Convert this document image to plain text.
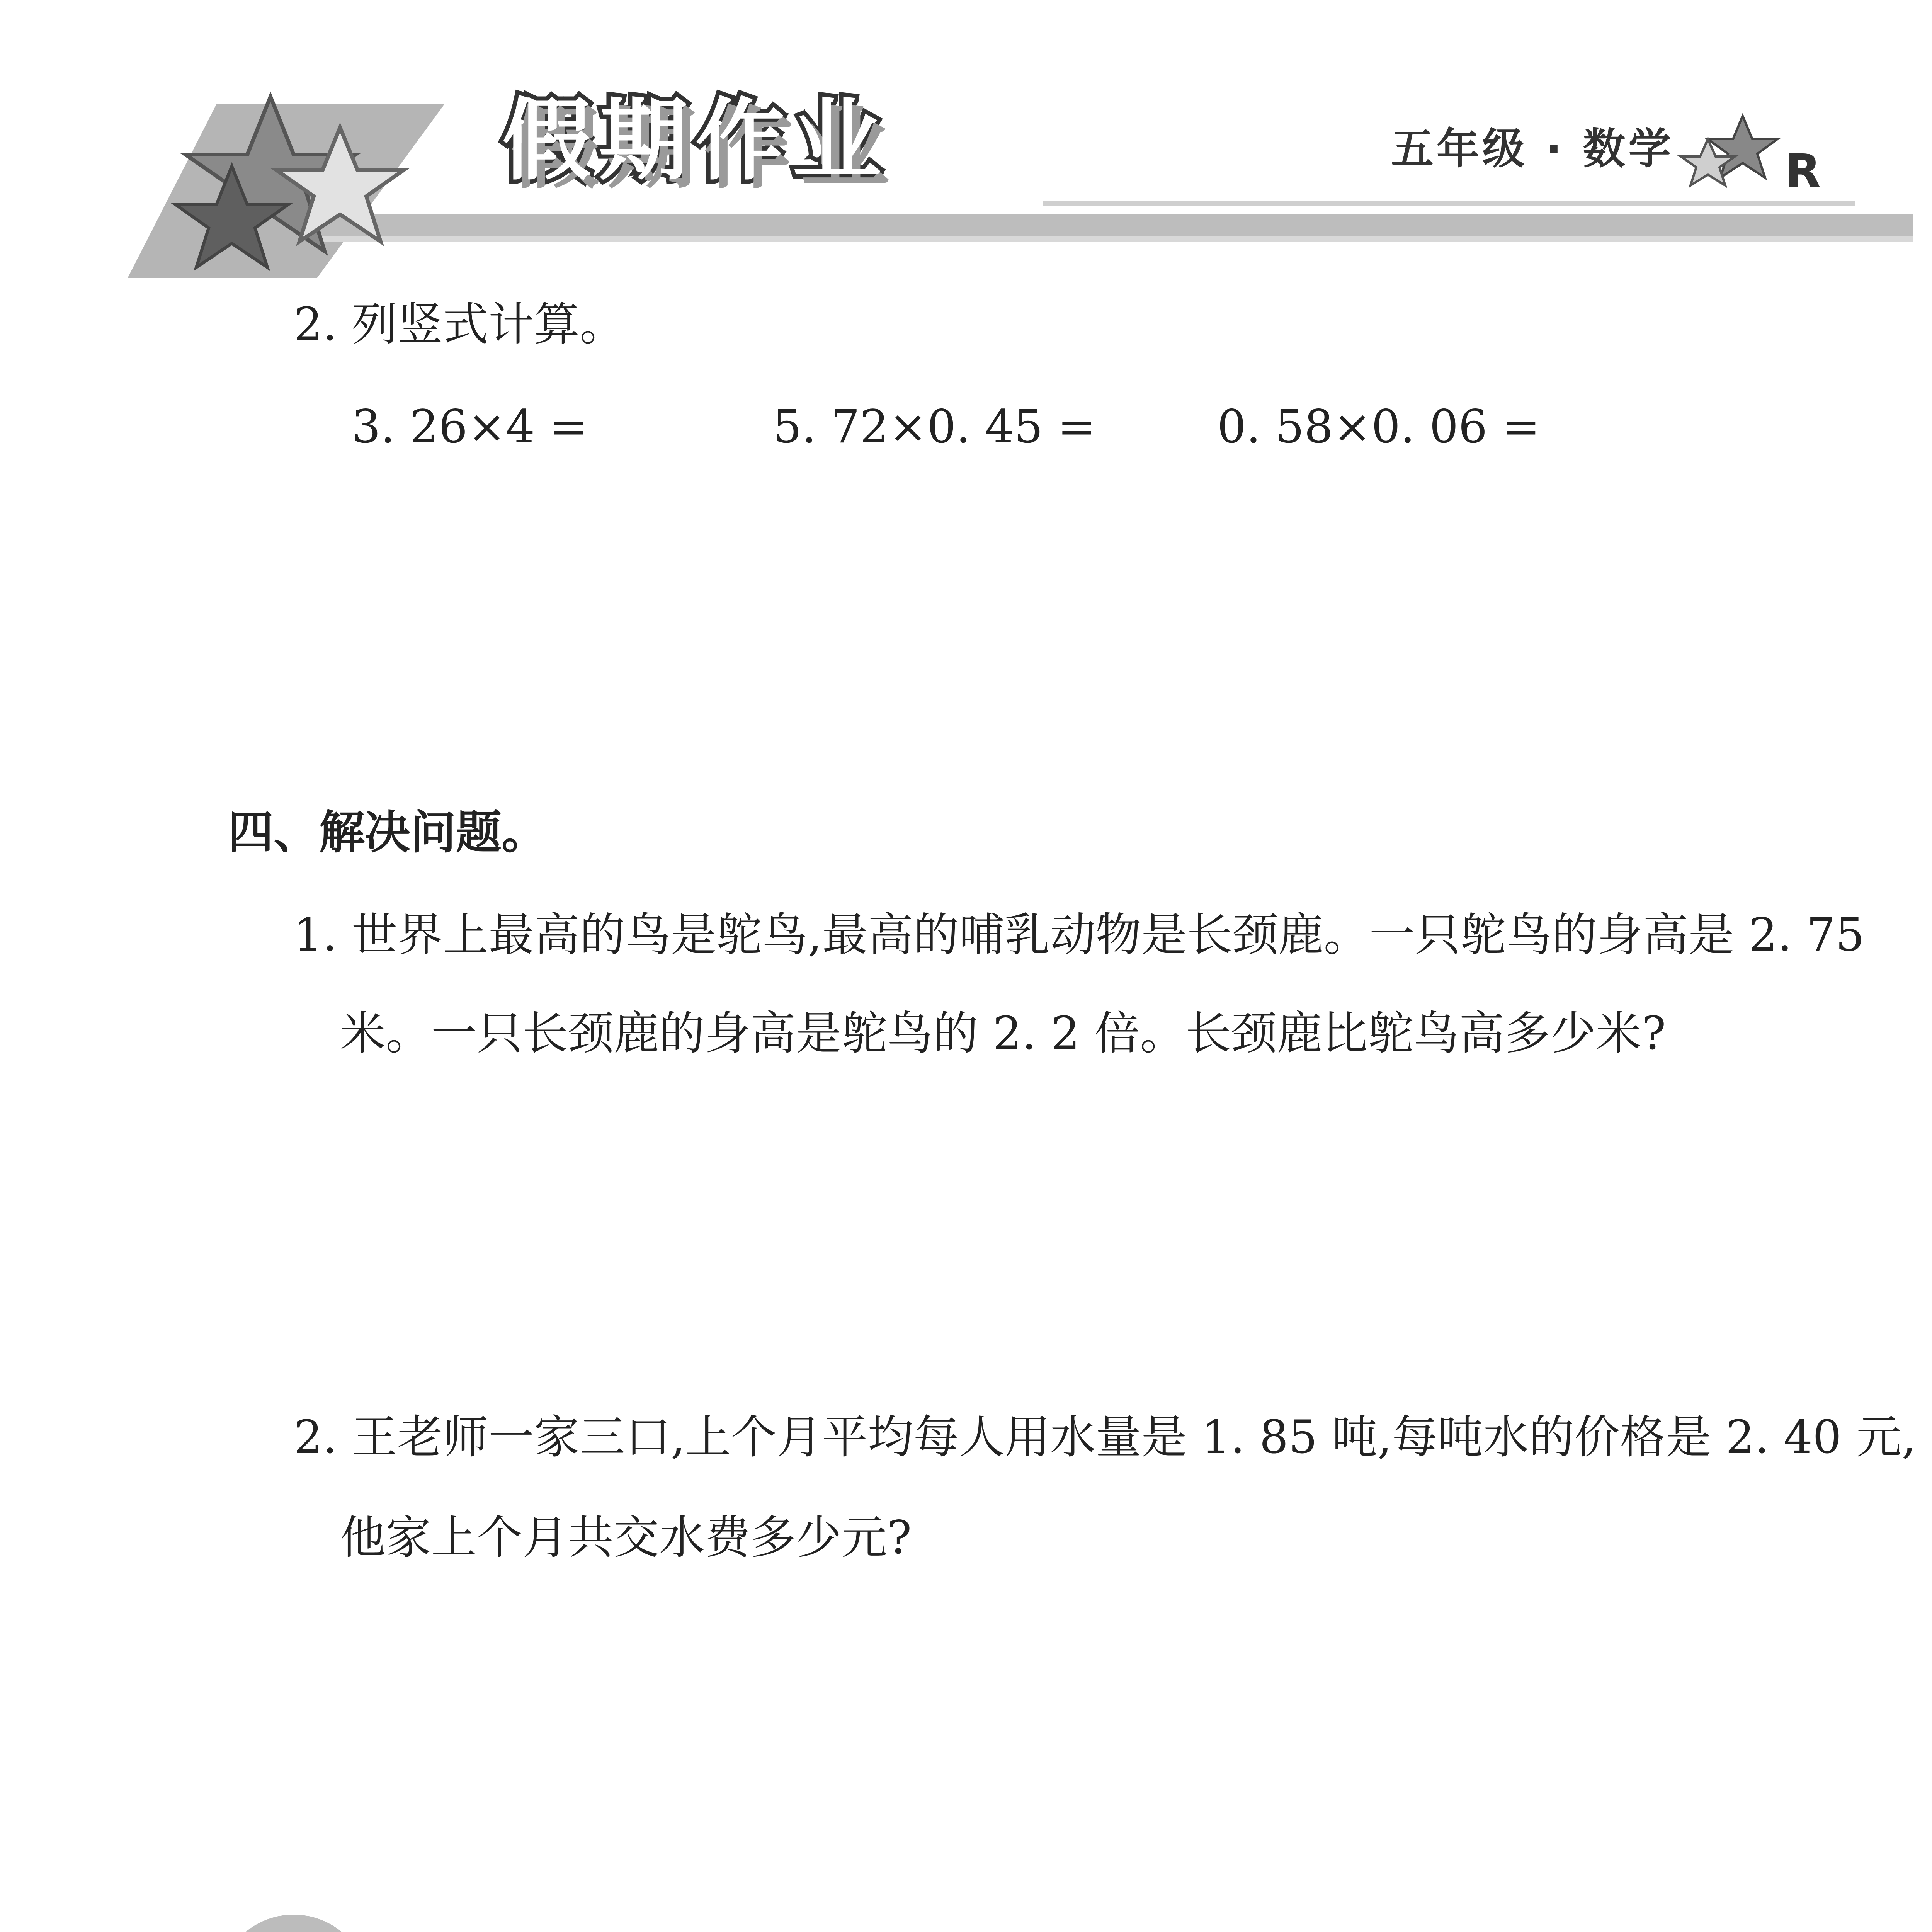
假期作业	五年级 · 数学 R
2. 列竖式计算。
3. 26×4 =	5. 72×0. 45 =	0. 58×0. 06 =
四、解决问题。
1. 世界上最高的鸟是鸵鸟,最高的哺乳动物是长颈鹿。一只鸵鸟的身高是 2. 75
米。一只长颈鹿的身高是鸵鸟的 2. 2 倍。长颈鹿比鸵鸟高多少米?
2. 王老师一家三口,上个月平均每人用水量是 1. 85 吨,每吨水的价格是 2. 40 元,
他家上个月共交水费多少元?
